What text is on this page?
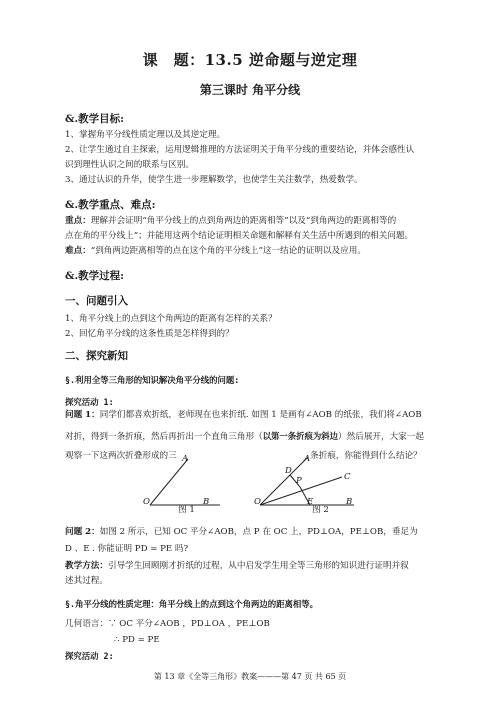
课　题：13.5 逆命题与逆定理
第三课时 角平分线
&.教学目标:
1、掌握角平分线性质定理以及其逆定理。
2、让学生通过自主探索，运用逻辑推理的方法证明关于角平分线的重要结论，并体会感性认
识到理性认识之间的联系与区别。
3、通过认识的升华，使学生进一步理解数学，也使学生关注数学，热爱数学。
&.教学重点、难点:
重点：理解并会证明“角平分线上的点到角两边的距离相等”以及“到角两边的距离相等的
点在角的平分线上”；并能用这两个结论证明相关命题和解释有关生活中所遇到的相关问题。
难点：“到角两边距离相等的点在这个角的平分线上”这一结论的证明以及应用。
&.教学过程:
一、问题引入
1、角平分线上的点到这个角两边的距离有怎样的关系？
2、回忆角平分线的这条性质是怎样得到的？
二、探究新知
§.利用全等三角形的知识解决角平分线的问题:
探究活动 1:
问题 1：同学们都喜欢折纸，老师现在也来折纸. 如图 1 是画有∠AOB 的纸张，我们将∠AOB
对折，得到一条折痕，然后再折出一个直角三角形（以第一条折痕为斜边）然后展开，大家一起
观察一下这两次折叠形成的三	条折痕，你能得到什么结论？
A
O	B
图 1
A
D
P	C
O	E	B
图 2
问题 2：如图 2 所示，已知 OC 平分∠AOB，点 P 在 OC 上，PD⊥OA，PE⊥OB，垂足为
D 、E . 你能证明 PD = PE 吗?
教学方法：引导学生回顾刚才折纸的过程，从中启发学生用全等三角形的知识进行证明并叙
述其过程。
§.角平分线的性质定理：角平分线上的点到这个角两边的距离相等。
几何语言：∵ OC 平分∠AOB ，PD⊥OA ，PE⊥OB
∴ PD = PE
探究活动 2:
第 13 章《全等三角形》教案———第 47 页 共 65 页
